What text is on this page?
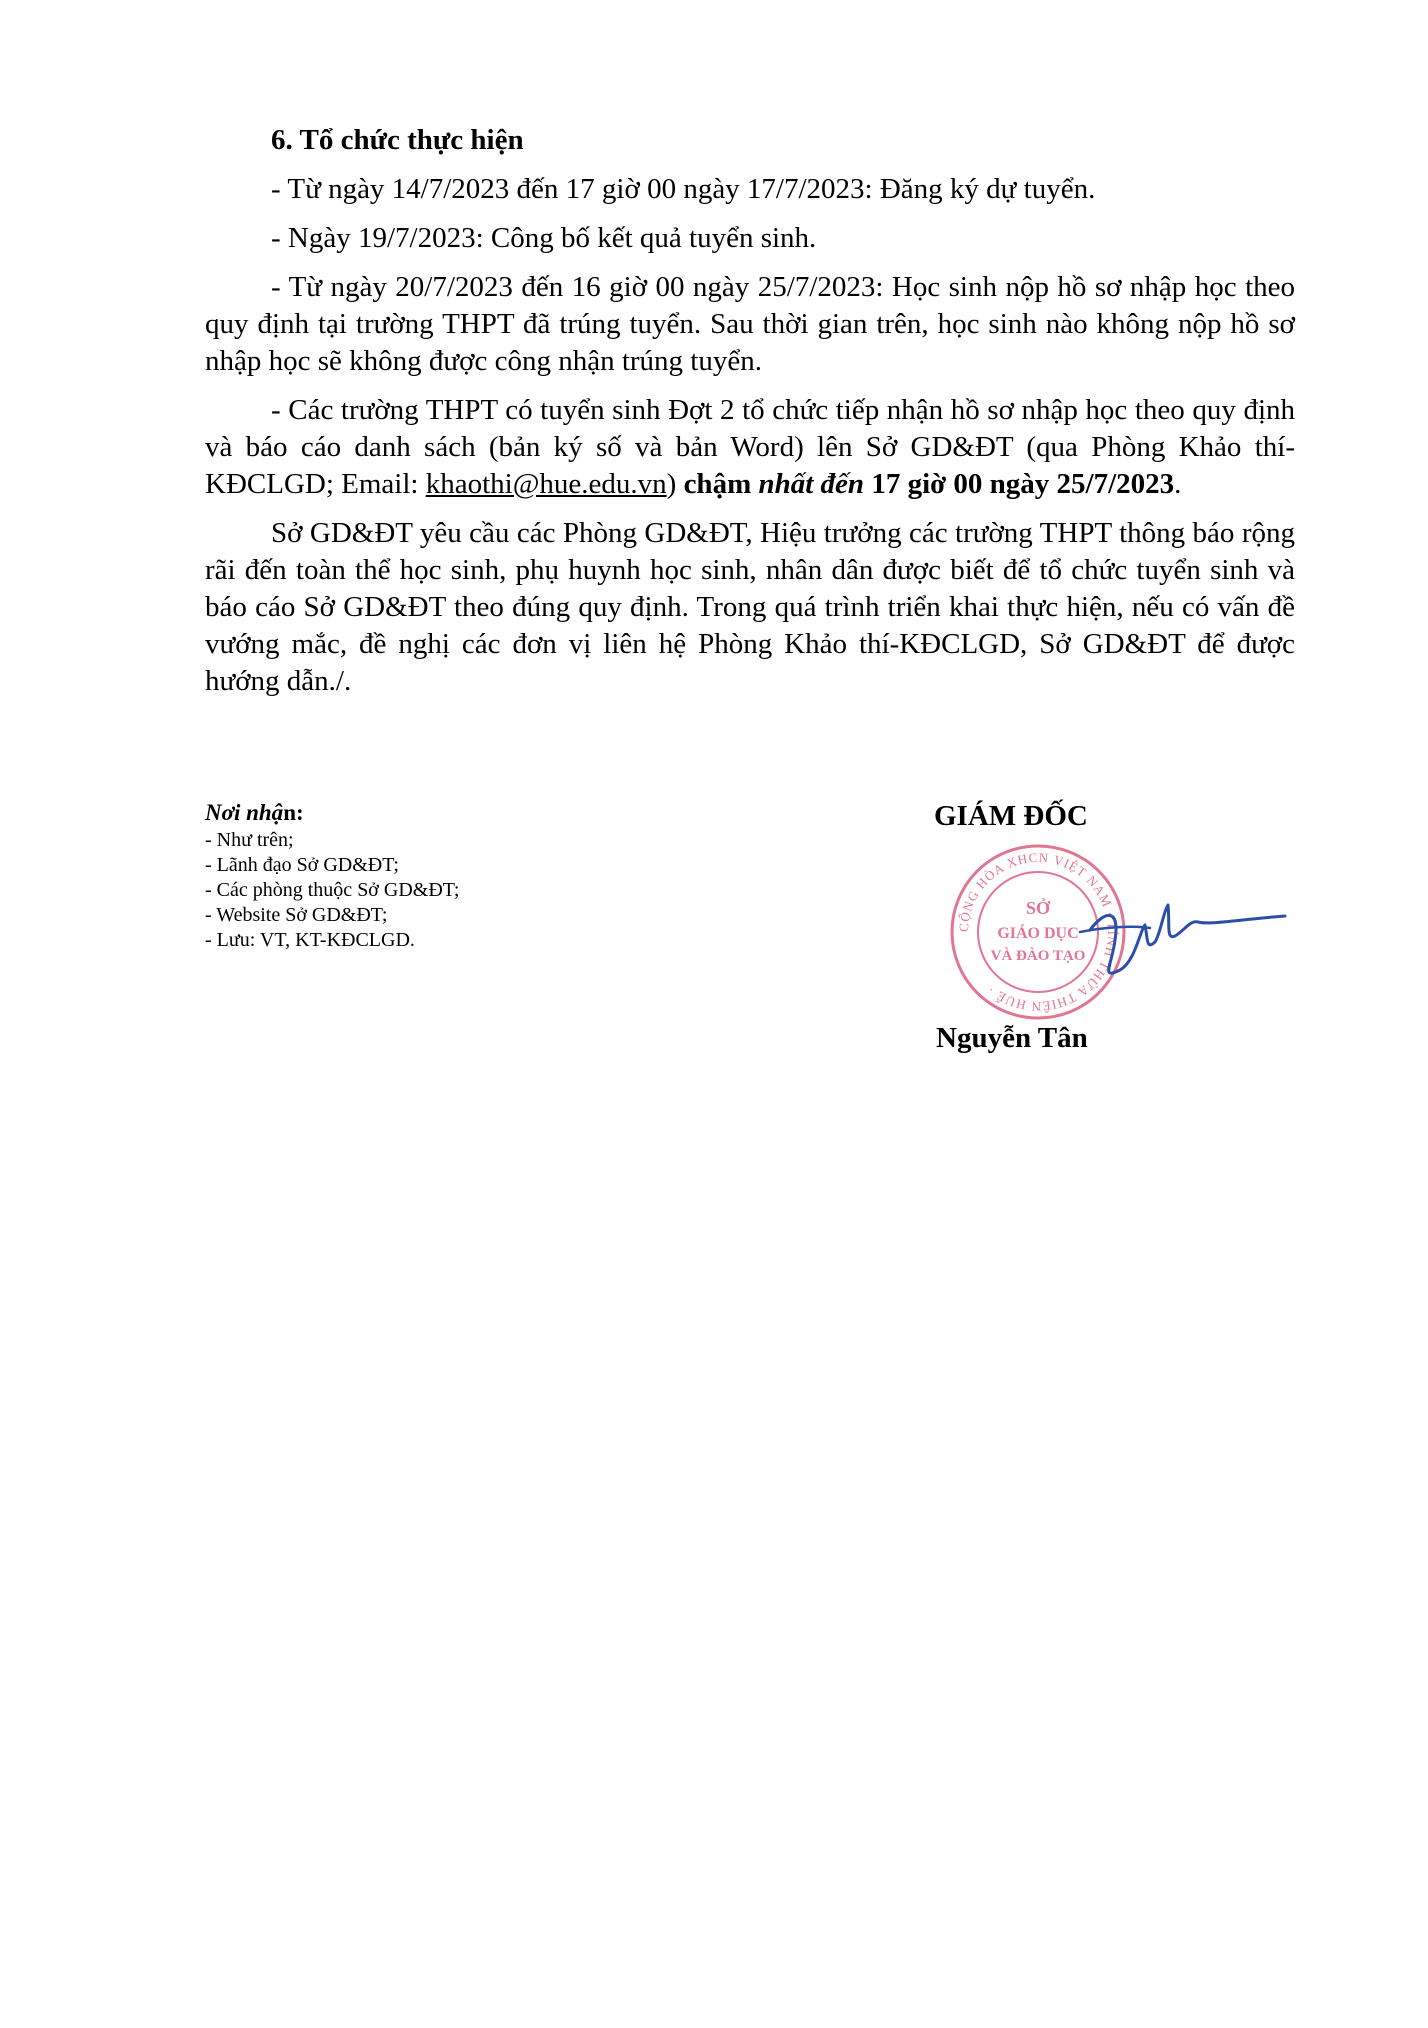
6. Tổ chức thực hiện

- Từ ngày 14/7/2023 đến 17 giờ 00 ngày 17/7/2023: Đăng ký dự tuyển.

- Ngày 19/7/2023: Công bố kết quả tuyển sinh.

- Từ ngày 20/7/2023 đến 16 giờ 00 ngày 25/7/2023: Học sinh nộp hồ sơ nhập học theo quy định tại trường THPT đã trúng tuyển. Sau thời gian trên, học sinh nào không nộp hồ sơ nhập học sẽ không được công nhận trúng tuyển.

- Các trường THPT có tuyển sinh Đợt 2 tổ chức tiếp nhận hồ sơ nhập học theo quy định và báo cáo danh sách (bản ký số và bản Word) lên Sở GD&ĐT (qua Phòng Khảo thí-KĐCLGD; Email: khaothi@hue.edu.vn) chậm nhất đến 17 giờ 00 ngày 25/7/2023.

Sở GD&ĐT yêu cầu các Phòng GD&ĐT, Hiệu trưởng các trường THPT thông báo rộng rãi đến toàn thể học sinh, phụ huynh học sinh, nhân dân được biết để tổ chức tuyển sinh và báo cáo Sở GD&ĐT theo đúng quy định. Trong quá trình triển khai thực hiện, nếu có vấn đề vướng mắc, đề nghị các đơn vị liên hệ Phòng Khảo thí-KĐCLGD, Sở GD&ĐT để được hướng dẫn./.

Nơi nhận:
- Như trên;
- Lãnh đạo Sở GD&ĐT;
- Các phòng thuộc Sở GD&ĐT;
- Website Sở GD&ĐT;
- Lưu: VT, KT-KĐCLGD.
GIÁM ĐỐC
CỘNG HÒA XHCN VIỆT NAM · TỈNH THỪA THIÊN HUẾ ·
SỞ
GIÁO DỤC
VÀ ĐÀO TẠO
Nguyễn Tân
